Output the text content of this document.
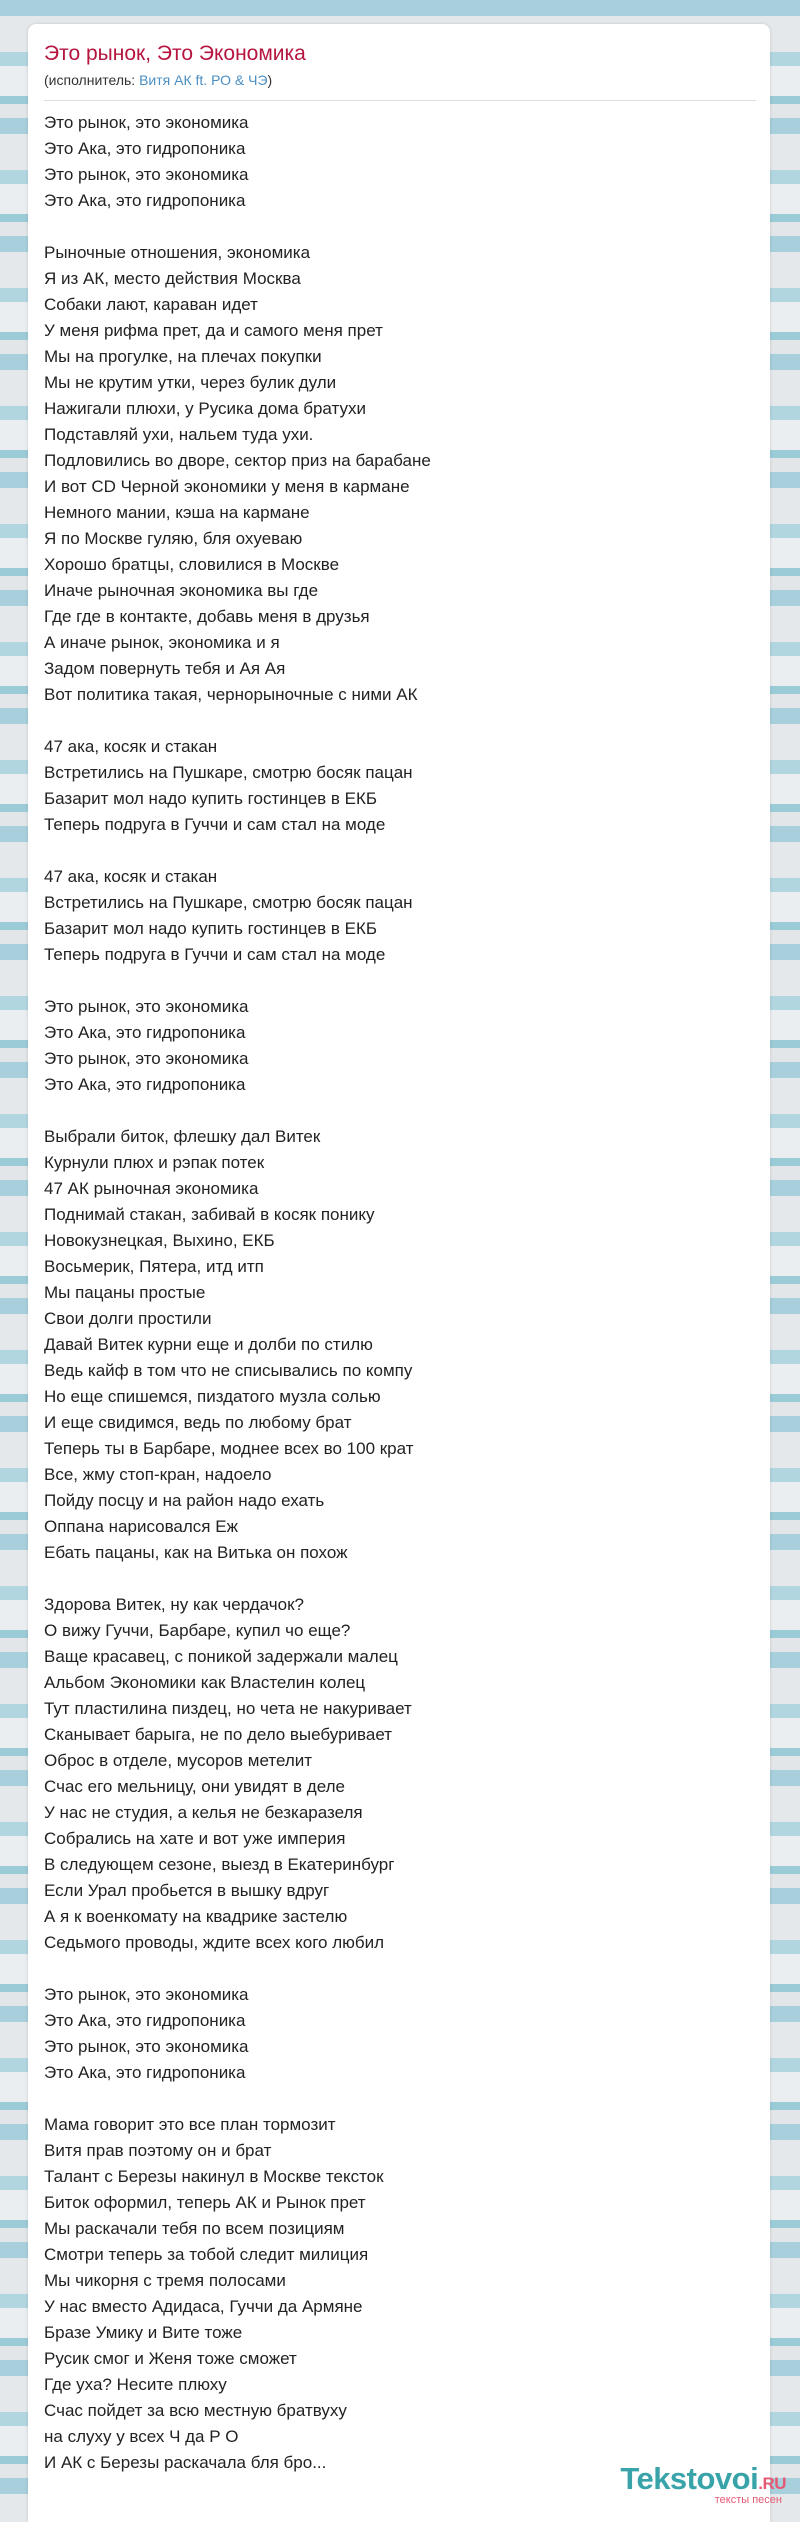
Это рынок, Это Экономика
(исполнитель: Витя АК ft. РО & ЧЭ)
Это рынок, это экономика
Это Ака, это гидропоника
Это рынок, это экономика
Это Ака, это гидропоника
Рыночные отношения, экономика
Я из АК, место действия Москва
Собаки лают, караван идет
У меня рифма прет, да и самого меня прет
Мы на прогулке, на плечах покупки
Мы не крутим утки, через булик дули
Нажигали плюхи, у Русика дома братухи
Подставляй ухи, нальем туда ухи.
Подловились во дворе, сектор приз на барабане
И вот CD Черной экономики у меня в кармане
Немного мании, кэша на кармане
Я по Москве гуляю, бля охуеваю
Хорошо братцы, словилися в Москве
Иначе рыночная экономика вы где
Где где в контакте, добавь меня в друзья
А иначе рынок, экономика и я
Задом повернуть тебя и Ая Ая
Вот политика такая, чернорыночные с ними АК
47 ака, косяк и стакан
Встретились на Пушкаре, смотрю босяк пацан
Базарит мол надо купить гостинцев в ЕКБ
Теперь подруга в Гуччи и сам стал на моде
47 ака, косяк и стакан
Встретились на Пушкаре, смотрю босяк пацан
Базарит мол надо купить гостинцев в ЕКБ
Теперь подруга в Гуччи и сам стал на моде
Это рынок, это экономика
Это Ака, это гидропоника
Это рынок, это экономика
Это Ака, это гидропоника
Выбрали биток, флешку дал Витек
Курнули плюх и рэпак потек
47 АК рыночная экономика
Поднимай стакан, забивай в косяк понику
Новокузнецкая, Выхино, ЕКБ
Восьмерик, Пятера, итд итп
Мы пацаны простые
Свои долги простили
Давай Витек курни еще и долби по стилю
Ведь кайф в том что не списывались по компу
Но еще спишемся, пиздатого музла солью
И еще свидимся, ведь по любому брат
Теперь ты в Барбаре, моднее всех во 100 крат
Все, жму стоп-кран, надоело
Пойду посцу и на район надо ехать
Оппана нарисовался Еж
Ебать пацаны, как на Витька он похож
Здорова Витек, ну как чердачок?
О вижу Гуччи, Барбаре, купил чо еще?
Ваще красавец, с поникой задержали малец
Альбом Экономики как Властелин колец
Тут пластилина пиздец, но чета не накуривает
Сканывает барыга, не по делo выебуривает
Оброс в отделе, мусоров метелит
Счас его мельницу, они увидят в деле
У нас не студия, а келья не безкаразеля
Собрались на хате и вот уже империя
В следующем сезоне, выезд в Екатеринбург
Если Урал пробьется в вышку вдруг
А я к военкомату на квадрике застелю
Седьмого проводы, ждите всех кого любил
Это рынок, это экономика
Это Ака, это гидропоника
Это рынок, это экономика
Это Ака, это гидропоника
Мама говорит это все план тормозит
Витя прав поэтому он и брат
Талант с Березы накинул в Москве тексток
Биток оформил, теперь АК и Рынок прет
Мы раскачали тебя по всем позициям
Смотри теперь за тобой следит милиция
Мы чикорня с тремя полосами
У нас вместо Адидаса, Гуччи да Армяне
Бразе Умику и Вите тоже
Русик смог и Женя тоже сможет
Где уха? Несите плюху
Счас пойдет за всю местную братвуху
на слуху у всех Ч да Р О
И АК с Березы раскачала бля бро...	Tekstovoi.RU
тексты песен
